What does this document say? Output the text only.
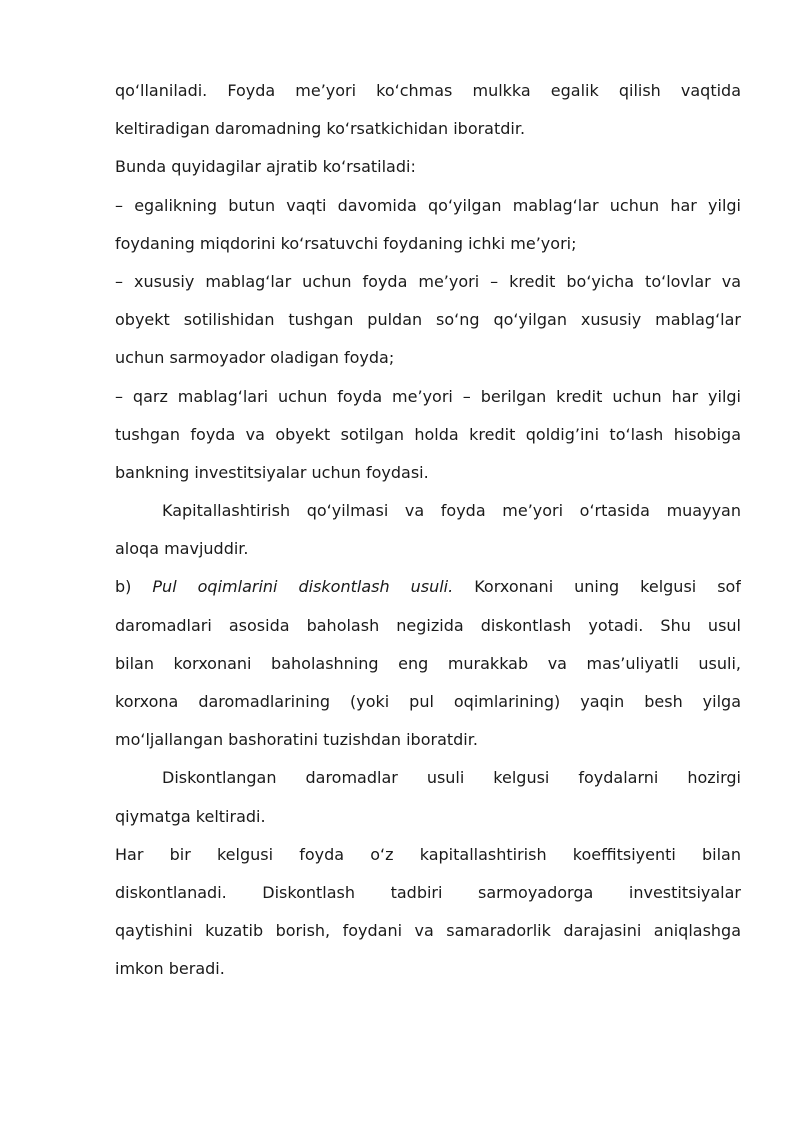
qo‘llaniladi. Foyda me’yori ko‘chmas mulkka egalik qilish vaqtida
keltiradigan daromadning ko‘rsatkichidan iboratdir.
Bunda quyidagilar ajratib ko‘rsatiladi:
– egalikning butun vaqti davomida qo‘yilgan mablag‘lar uchun har yilgi
foydaning miqdorini ko‘rsatuvchi foydaning ichki me’yori;
– xususiy mablag‘lar uchun foyda me’yori – kredit bo‘yicha to‘lovlar va
obyekt sotilishidan tushgan puldan so‘ng qo‘yilgan xususiy mablag‘lar
uchun sarmoyador oladigan foyda;
– qarz mablag‘lari uchun foyda me’yori – berilgan kredit uchun har yilgi
tushgan foyda va obyekt sotilgan holda kredit qoldig’ini to‘lash hisobiga
bankning investitsiyalar uchun foydasi.
Kapitallashtirish qo‘yilmasi va foyda me’yori o‘rtasida muayyan
aloqa mavjuddir.
b) Pul oqimlarini diskontlash usuli. Korxonani uning kelgusi sof
daromadlari asosida baholash negizida diskontlash yotadi. Shu usul
bilan korxonani baholashning eng murakkab va mas’uliyatli usuli,
korxona daromadlarining (yoki pul oqimlarining) yaqin besh yilga
mo‘ljallangan bashoratini tuzishdan iboratdir.
Diskontlangan daromadlar usuli kelgusi foydalarni hozirgi
qiymatga keltiradi.
Har bir kelgusi foyda o‘z kapitallashtirish koeffitsiyenti bilan
diskontlanadi. Diskontlash tadbiri sarmoyadorga investitsiyalar
qaytishini kuzatib borish, foydani va samaradorlik darajasini aniqlashga
imkon beradi.
